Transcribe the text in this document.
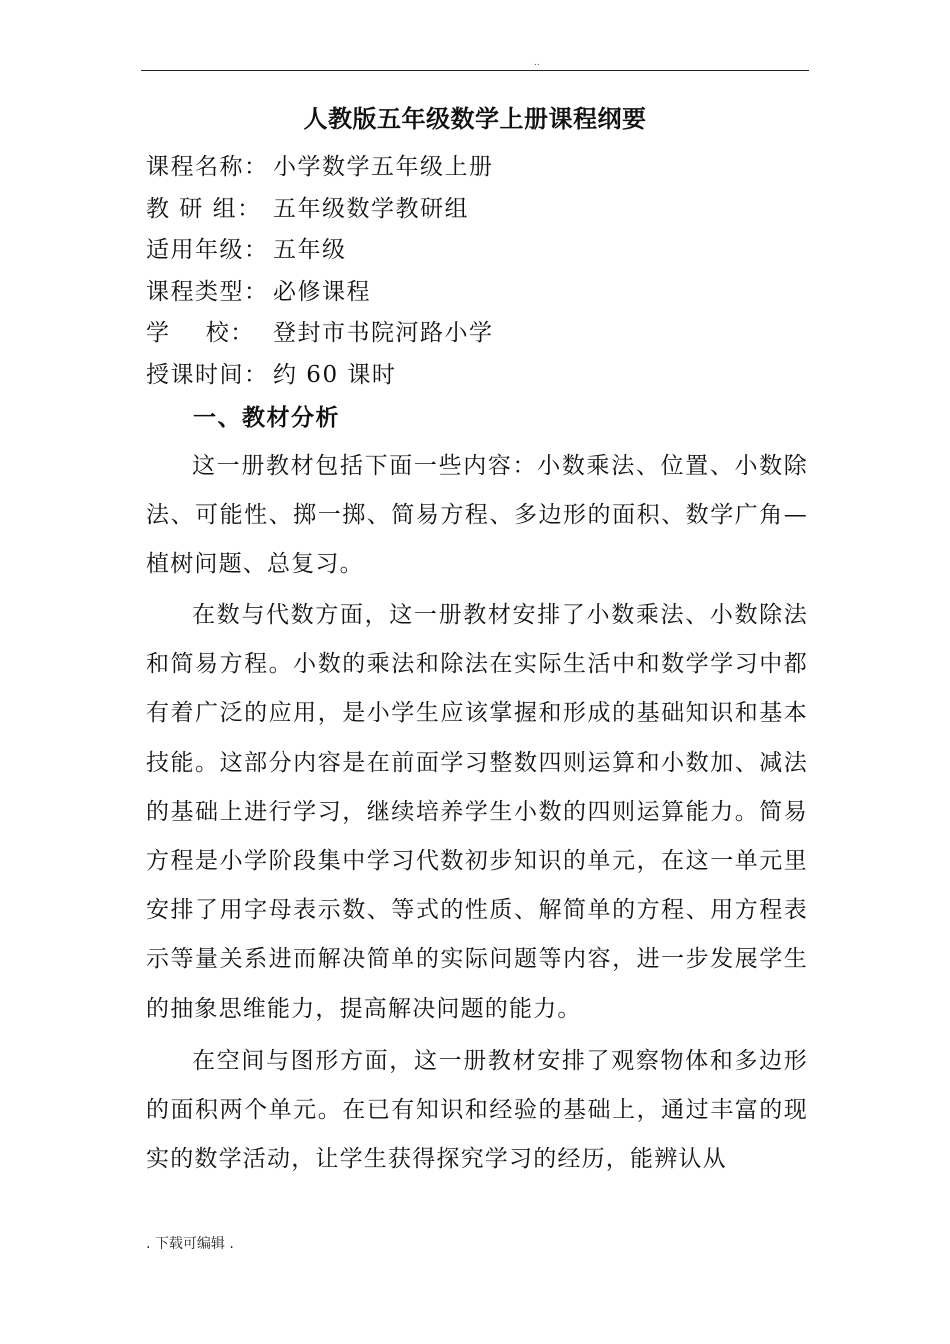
..
人教版五年级数学上册课程纲要
课程名称： 小学数学五年级上册
教 研 组： 五年级数学教研组
适用年级： 五年级
课程类型： 必修课程
学    校： 登封市书院河路小学
授课时间： 约 60 课时
一、教材分析

这一册教材包括下面一些内容：小数乘法、位置、小数除法、可能性、掷一掷、简易方程、多边形的面积、数学广角—植树问题、总复习。

在数与代数方面，这一册教材安排了小数乘法、小数除法和简易方程。小数的乘法和除法在实际生活中和数学学习中都有着广泛的应用，是小学生应该掌握和形成的基础知识和基本技能。这部分内容是在前面学习整数四则运算和小数加、减法的基础上进行学习，继续培养学生小数的四则运算能力。简易方程是小学阶段集中学习代数初步知识的单元，在这一单元里安排了用字母表示数、等式的性质、解简单的方程、用方程表示等量关系进而解决简单的实际问题等内容，进一步发展学生的抽象思维能力，提高解决问题的能力。

在空间与图形方面，这一册教材安排了观察物体和多边形的面积两个单元。在已有知识和经验的基础上，通过丰富的现实的数学活动，让学生获得探究学习的经历，能辨认从

. 下载可编辑 .
